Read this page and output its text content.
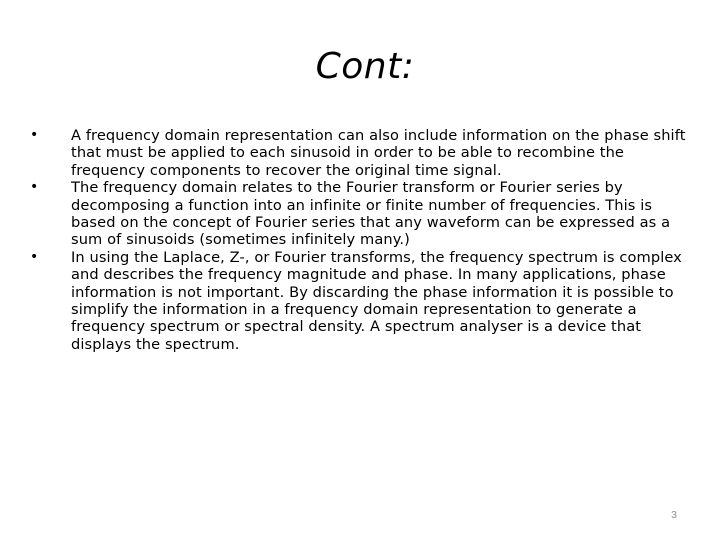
Cont:
• A frequency domain representation can also include information on the phase shift that must be applied to each sinusoid in order to be able to recombine the frequency components to recover the original time signal.
• The frequency domain relates to the Fourier transform or Fourier series by decomposing a function into an infinite or finite number of frequencies. This is based on the concept of Fourier series that any waveform can be expressed as a sum of sinusoids (sometimes infinitely many.)
• In using the Laplace, Z-, or Fourier transforms, the frequency spectrum is complex and describes the frequency magnitude and phase. In many applications, phase information is not important. By discarding the phase information it is possible to simplify the information in a frequency domain representation to generate a frequency spectrum or spectral density. A spectrum analyser is a device that displays the spectrum.
3
